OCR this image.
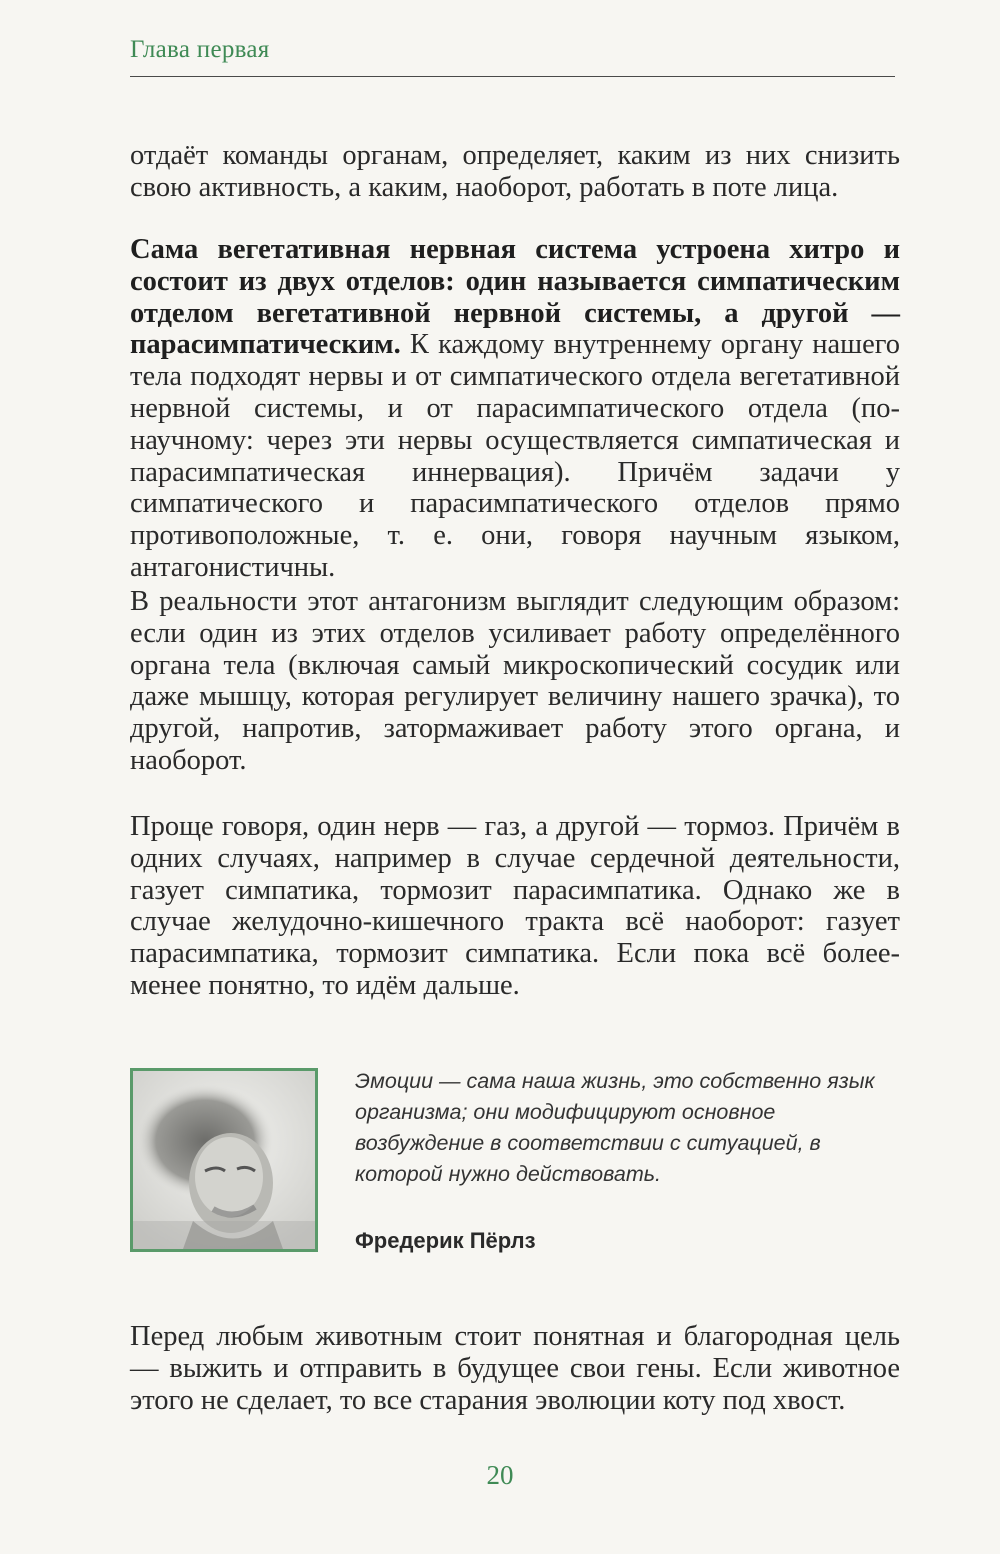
Глава первая

отдаёт команды органам, определяет, каким из них снизить свою активность, а каким, наоборот, работать в поте лица.

Сама вегетативная нервная система устроена хитро и состоит из двух отделов: один называется симпатическим отделом вегетативной нервной системы, а другой — парасимпатическим. К каждому внутреннему органу нашего тела подходят нервы и от симпатического отдела вегетативной нервной системы, и от парасимпатического отдела (по-научному: через эти нервы осуществляется симпатическая и парасимпатическая иннервация). Причём задачи у симпатического и парасимпатического отделов прямо противоположные, т. е. они, говоря научным языком, антагонистичны.

В реальности этот антагонизм выглядит следующим образом: если один из этих отделов усиливает работу определённого органа тела (включая самый микроскопический сосудик или даже мышцу, которая регулирует величину нашего зрачка), то другой, напротив, затормаживает работу этого органа, и наоборот.

Проще говоря, один нерв — газ, а другой — тормоз. Причём в одних случаях, например в случае сердечной деятельности, газует симпатика, тормозит парасимпатика. Однако же в случае желудочно-кишечного тракта всё наоборот: газует парасимпатика, тормозит симпатика. Если пока всё более-менее понятно, то идём дальше.

Эмоции — сама наша жизнь, это собственно язык организма; они модифицируют основное возбуждение в соответствии с ситуацией, в которой нужно действовать.

Фредерик Пёрлз

Перед любым животным стоит понятная и благородная цель — выжить и отправить в будущее свои гены. Если животное этого не сделает, то все старания эволюции коту под хвост.

20
